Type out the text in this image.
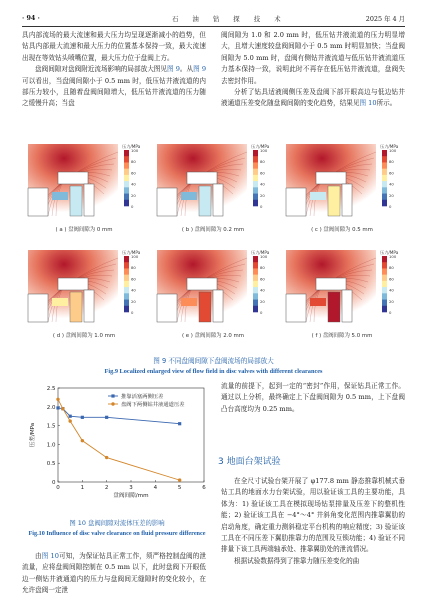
· 94 ·	石 油 钻 探 技 术	2025 年 4 月

具内部流场的最大流速和最大压力均呈现逐渐减小的趋势，但钻具内部最大流速和最大压力的位置基本保持一致，最大流速出现在等效钻头喷嘴位置，最大压力位于盘阀上方。

盘阀间隙对盘阀附近流场影响的局部放大图见图 9。从图 9可以看出，当盘阀间隙小于 0.5 mm 时，低压钻井液流道的内部压力较小，且随着盘阀间隙增大，低压钻井液流道的压力随之缓慢升高；当盘

阀间隙为 1.0 和 2.0 mm 时，低压钻井液流道的压力明显增大，且增大速度较盘阀间隙小于 0.5 mm 时明显加快；当盘阀间隙为 5.0 mm 时，盘阀有侧钻井液流道与低压钻井液流道压力基本保持一致，说明此时不再存在低压钻井液流道，盘阀失去密封作用。

分析了钻具适液阀侧压差及盘阀下部开眼高边与低边钻井液通道压差变化随盘阀间隙的变化趋势，结果见图 10所示。

压力/MPa
100
80
60
40
20
0
( a ) 盘阀间隙为 0 mm
压力/MPa
100
80
60
40
20
0
( b ) 盘阀间隙为 0.2 mm
压力/MPa
100
80
60
40
20
0
( c ) 盘阀间隙为 0.5 mm
压力/MPa
100
80
60
40
20
0
( d ) 盘阀间隙为 1.0 mm
压力/MPa
100
80
60
40
20
0
( e ) 盘阀间隙为 2.0 mm
压力/MPa
100
80
60
40
20
0
( f ) 盘阀间隙为 5.0 mm
图 9 不同盘阀间隙下盘阀流场的局部放大
Fig.9 Localized enlarged view of flow field in disc valves with different clearances
0	1	2	3	4	5	6
0
0.5
1.0
1.5
2.0
2.5
盘阀间隙/mm
压差/MPa
推靠活塞两侧压差
盘阀下两侧钻井液通道压差
图 10 盘阀间隙对流体压差的影响
Fig.10 Influence of disc valve clearance on fluid pressure difference

由图 10可知，为保证钻具正常工作，须严格控制盘阀的泄流量，应将盘阀间隙控制在 0.5 mm 以下，此时盘阀下开眼低边一侧钻井液通道内的压力与盘阀间无缝隙时的变化较小，在允许盘阀一定泄

流量的前提下，起到一定的“密封”作用，保证钻具正常工作。通过以上分析，最终确定上下盘阀间隙为 0.5 mm，上下盘阀凸台高度均为 0.25 mm。

3 地面台架试验

在全尺寸试验台架开展了 φ177.8 mm 静态推靠机械式垂钻工具的地面水力台架试验，用以验证该工具的主要功能，具体为：1) 验证该工具在模拟现场钻泵排量及压差下的整机性能；2) 验证该工具在 −4°～4° 井斜角变化范围内推靠翼肋的启动角度，确定重力测斜稳定平台机构的响应精度；3) 验证该工具在不同压差下翼肋推靠力的范围及互锁功能；4) 验证不同排量下该工具两端轴承处、推靠翼肋处的泄流情况。

根据试验数据得到了推靠力随压差变化的曲
